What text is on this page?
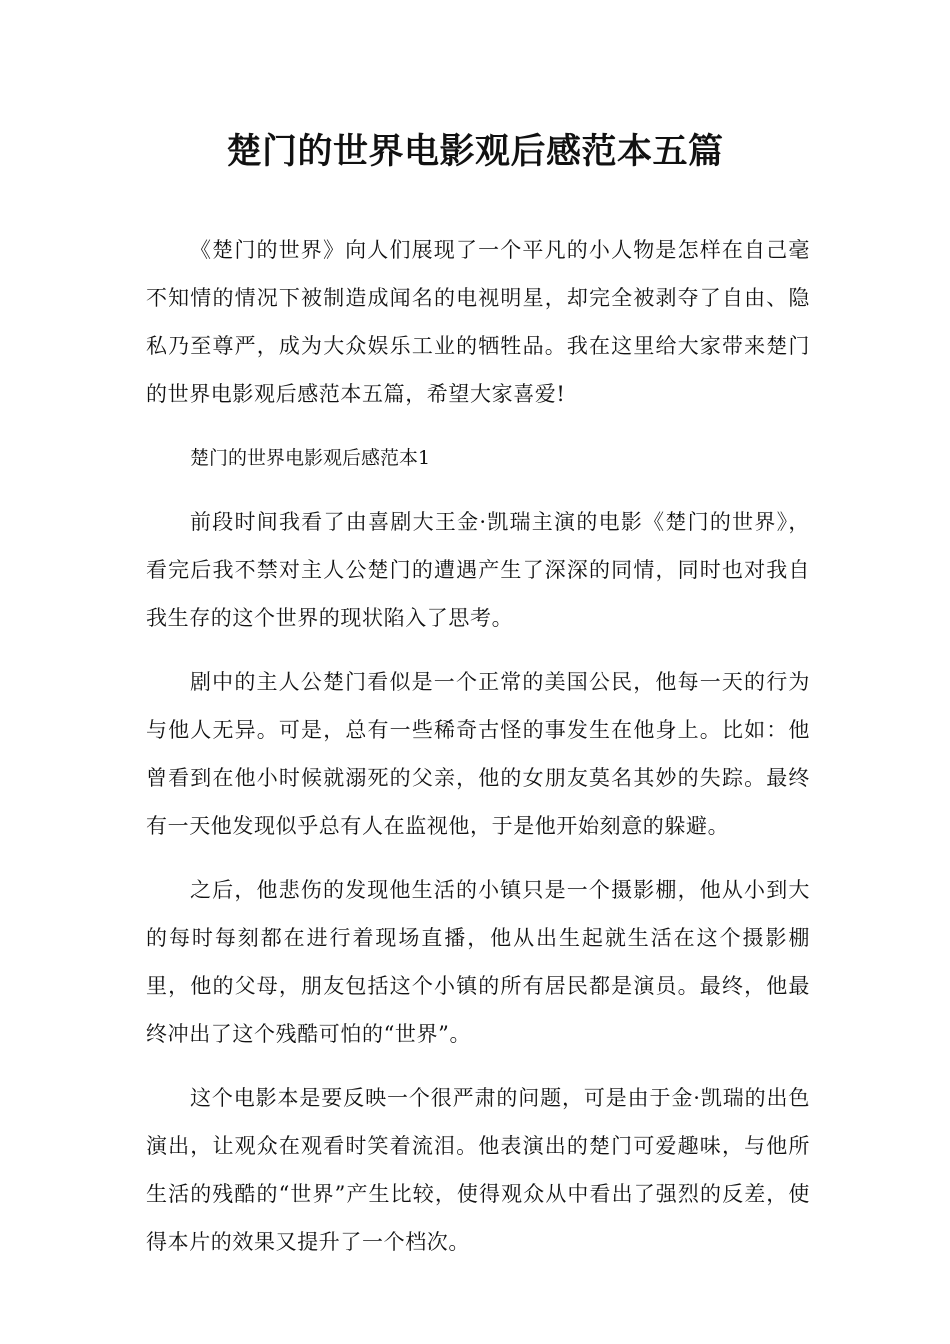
楚门的世界电影观后感范本五篇

《楚门的世界》向人们展现了一个平凡的小人物是怎样在自己毫不知情的情况下被制造成闻名的电视明星，却完全被剥夺了自由、隐私乃至尊严，成为大众娱乐工业的牺牲品。我在这里给大家带来楚门的世界电影观后感范本五篇，希望大家喜爱!

楚门的世界电影观后感范本1

前段时间我看了由喜剧大王金·凯瑞主演的电影《楚门的世界》，看完后我不禁对主人公楚门的遭遇产生了深深的同情，同时也对我自我生存的这个世界的现状陷入了思考。

剧中的主人公楚门看似是一个正常的美国公民，他每一天的行为与他人无异。可是，总有一些稀奇古怪的事发生在他身上。比如：他曾看到在他小时候就溺死的父亲，他的女朋友莫名其妙的失踪。最终有一天他发现似乎总有人在监视他，于是他开始刻意的躲避。

之后，他悲伤的发现他生活的小镇只是一个摄影棚，他从小到大的每时每刻都在进行着现场直播，他从出生起就生活在这个摄影棚里，他的父母，朋友包括这个小镇的所有居民都是演员。最终，他最终冲出了这个残酷可怕的“世界”。

这个电影本是要反映一个很严肃的问题，可是由于金·凯瑞的出色演出，让观众在观看时笑着流泪。他表演出的楚门可爱趣味，与他所生活的残酷的“世界”产生比较，使得观众从中看出了强烈的反差，使得本片的效果又提升了一个档次。
